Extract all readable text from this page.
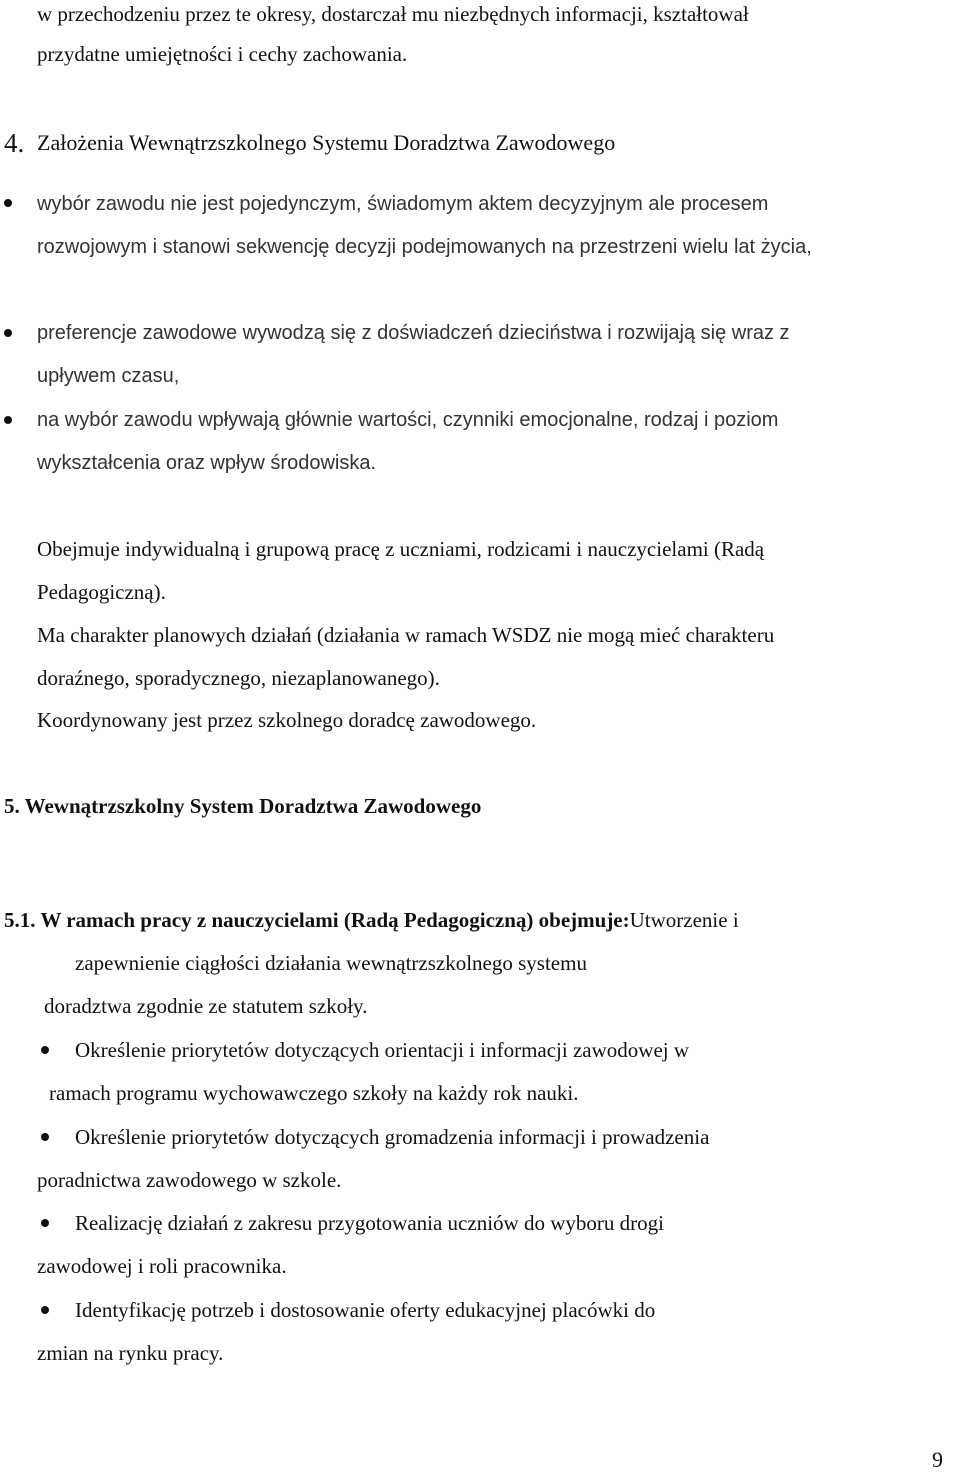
w przechodzeniu przez te okresy, dostarczał mu niezbędnych informacji, kształtował
przydatne umiejętności i cechy zachowania.
4. Założenia Wewnątrzszkolnego Systemu Doradztwa Zawodowego
wybór zawodu nie jest pojedynczym, świadomym aktem decyzyjnym ale procesem
rozwojowym i stanowi sekwencję decyzji podejmowanych na przestrzeni wielu lat życia,
preferencje zawodowe wywodzą się z doświadczeń dzieciństwa i rozwijają się wraz z
upływem czasu,
na wybór zawodu wpływają głównie wartości, czynniki emocjonalne, rodzaj i poziom
wykształcenia oraz wpływ środowiska.
Obejmuje indywidualną i grupową pracę z uczniami, rodzicami i nauczycielami (Radą
Pedagogiczną).
Ma charakter planowych działań (działania w ramach WSDZ nie mogą mieć charakteru
doraźnego, sporadycznego, niezaplanowanego).
Koordynowany jest przez szkolnego doradcę zawodowego.
5. Wewnątrzszkolny System Doradztwa Zawodowego
5.1. W ramach pracy z nauczycielami (Radą Pedagogiczną) obejmuje:Utworzenie i
zapewnienie ciągłości działania wewnątrzszkolnego systemu
doradztwa zgodnie ze statutem szkoły.
Określenie priorytetów dotyczących orientacji i informacji zawodowej w
ramach programu wychowawczego szkoły na każdy rok nauki.
Określenie priorytetów dotyczących gromadzenia informacji i prowadzenia
poradnictwa zawodowego w szkole.
Realizację działań z zakresu przygotowania uczniów do wyboru drogi
zawodowej i roli pracownika.
Identyfikację potrzeb i dostosowanie oferty edukacyjnej placówki do
zmian na rynku pracy.
9
